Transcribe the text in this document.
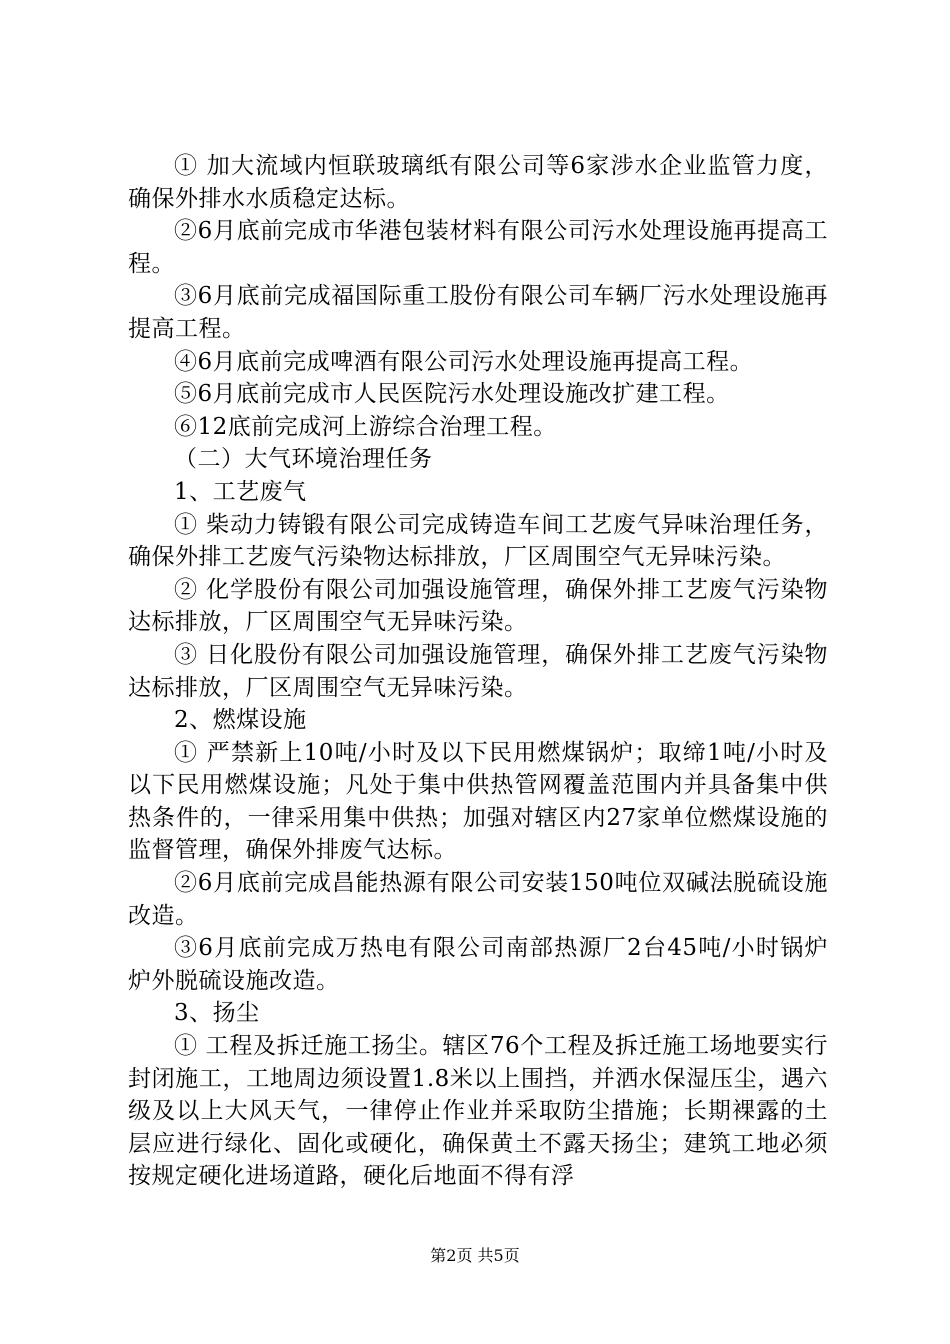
① 加大流域内恒联玻璃纸有限公司等6家涉水企业监管力度，确保外排水水质稳定达标。

②6月底前完成市华港包装材料有限公司污水处理设施再提高工程。

③6月底前完成福国际重工股份有限公司车辆厂污水处理设施再提高工程。

④6月底前完成啤酒有限公司污水处理设施再提高工程。

⑤6月底前完成市人民医院污水处理设施改扩建工程。

⑥12底前完成河上游综合治理工程。

（二）大气环境治理任务

1、工艺废气

① 柴动力铸锻有限公司完成铸造车间工艺废气异味治理任务，确保外排工艺废气污染物达标排放，厂区周围空气无异味污染。

② 化学股份有限公司加强设施管理，确保外排工艺废气污染物达标排放，厂区周围空气无异味污染。

③ 日化股份有限公司加强设施管理，确保外排工艺废气污染物达标排放，厂区周围空气无异味污染。

2、燃煤设施

① 严禁新上10吨/小时及以下民用燃煤锅炉；取缔1吨/小时及以下民用燃煤设施；凡处于集中供热管网覆盖范围内并具备集中供热条件的，一律采用集中供热；加强对辖区内27家单位燃煤设施的监督管理，确保外排废气达标。

②6月底前完成昌能热源有限公司安装150吨位双碱法脱硫设施改造。

③6月底前完成万热电有限公司南部热源厂2台45吨/小时锅炉炉外脱硫设施改造。

3、扬尘

① 工程及拆迁施工扬尘。辖区76个工程及拆迁施工场地要实行封闭施工，工地周边须设置1.8米以上围挡，并洒水保湿压尘，遇六级及以上大风天气，一律停止作业并采取防尘措施；长期裸露的土层应进行绿化、固化或硬化，确保黄土不露天扬尘；建筑工地必须按规定硬化进场道路，硬化后地面不得有浮

第2页 共5页
